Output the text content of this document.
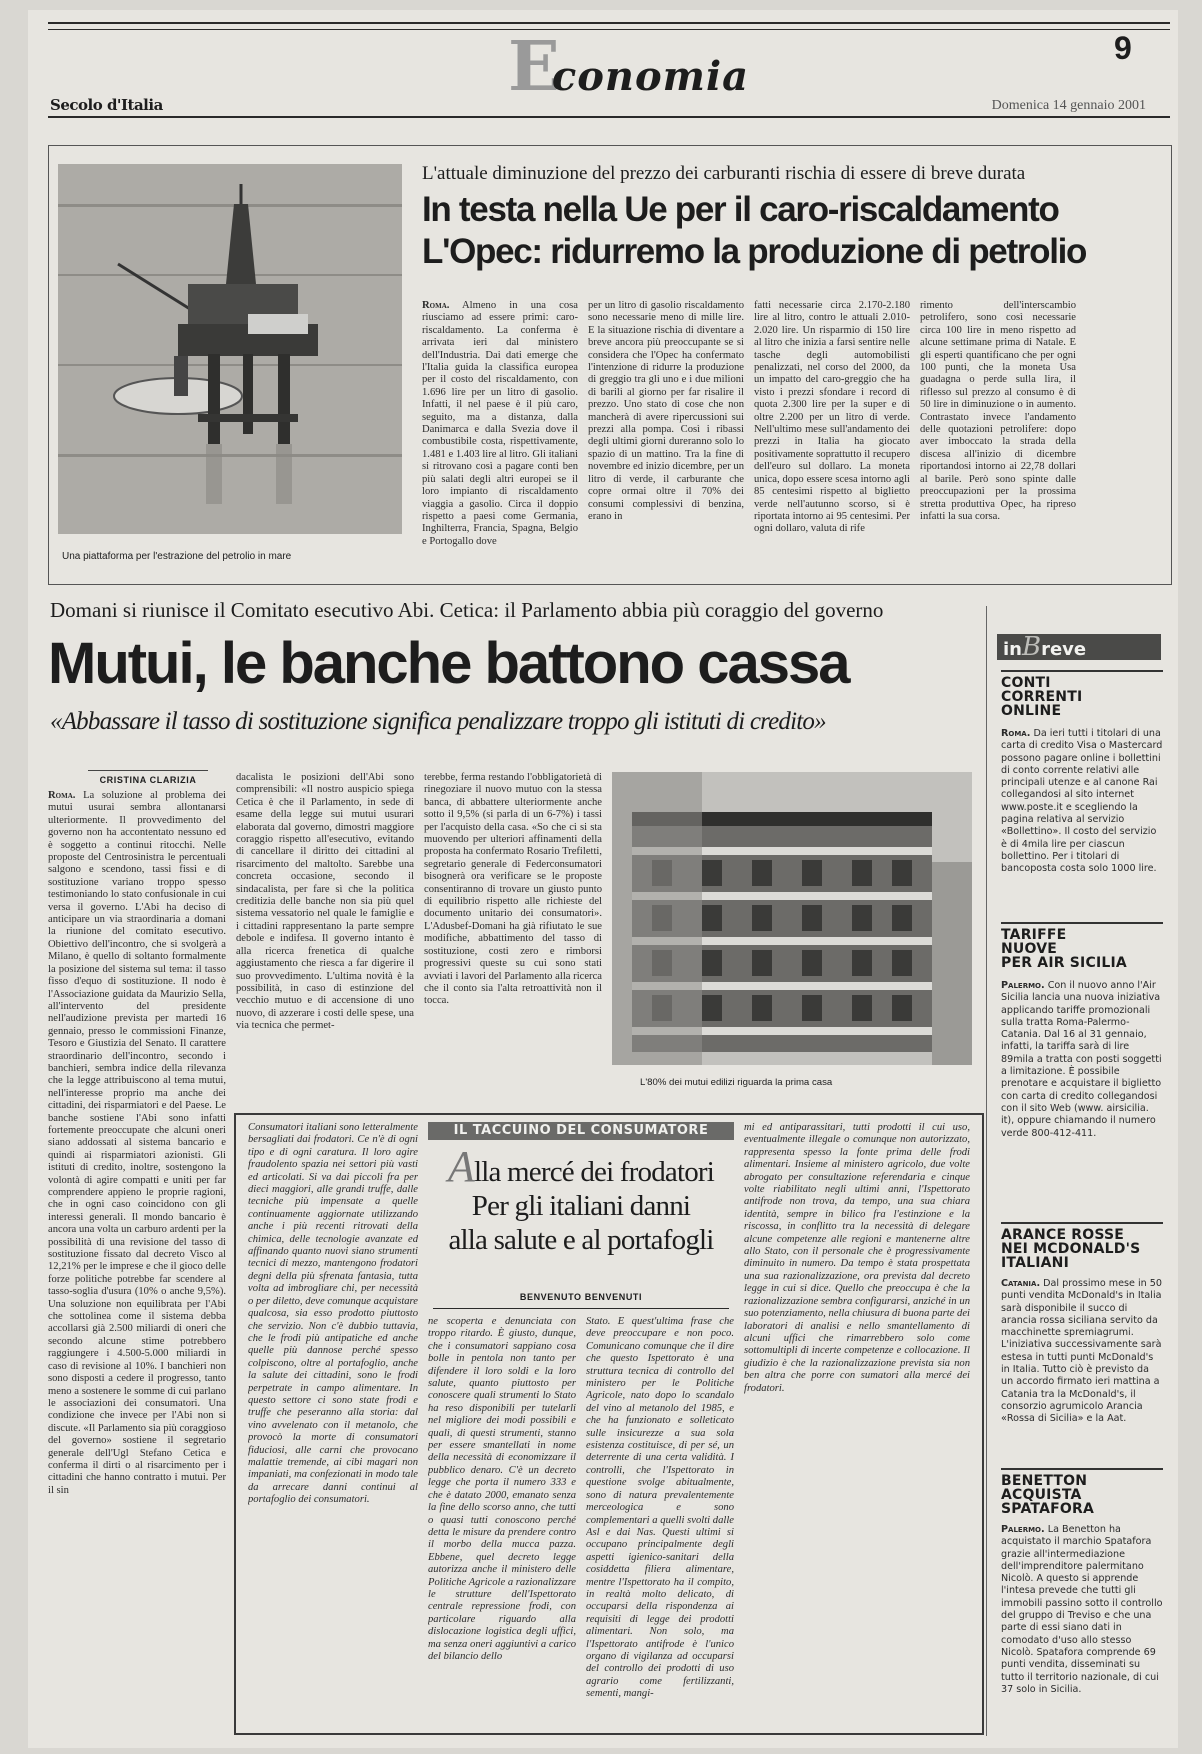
Economia
9
Secolo d'Italia	Domenica 14 gennaio 2001
Una piattaforma per l'estrazione del petrolio in mare
L'attuale diminuzione del prezzo dei carburanti rischia di essere di breve durata
In testa nella Ue per il caro-riscaldamento
L'Opec: ridurremo la produzione di petrolio
Roma. Almeno in una cosa riusciamo ad essere primi: caro-riscaldamento. La conferma è arrivata ieri dal ministero dell'Industria. Dai dati emerge che l'Italia guida la classifica europea per il costo del riscaldamento, con 1.696 lire per un litro di gasolio. Infatti, il nel paese è il più caro, seguito, ma a distanza, dalla Danimarca e dalla Svezia dove il combustibile costa, rispettivamente, 1.481 e 1.403 lire al litro. Gli italiani si ritrovano così a pagare conti ben più salati degli altri europei se il loro impianto di riscaldamento viaggia a gasolio. Circa il doppio rispetto a paesi come Germania, Inghilterra, Francia, Spagna, Belgio e Portogallo dove
per un litro di gasolio riscaldamento sono necessarie meno di mille lire. E la situazione rischia di diventare a breve ancora più preoccupante se si considera che l'Opec ha confermato l'intenzione di ridurre la produzione di greggio tra gli uno e i due milioni di barili al giorno per far risalire il prezzo. Uno stato di cose che non mancherà di avere ripercussioni sui prezzi alla pompa. Così i ribassi degli ultimi giorni dureranno solo lo spazio di un mattino. Tra la fine di novembre ed inizio dicembre, per un litro di verde, il carburante che copre ormai oltre il 70% dei consumi complessivi di benzina, erano in
fatti necessarie circa 2.170-2.180 lire al litro, contro le attuali 2.010-2.020 lire. Un risparmio di 150 lire al litro che inizia a farsi sentire nelle tasche degli automobilisti penalizzati, nel corso del 2000, da un impatto del caro-greggio che ha visto i prezzi sfondare i record di quota 2.300 lire per la super e di oltre 2.200 per un litro di verde. Nell'ultimo mese sull'andamento dei prezzi in Italia ha giocato positivamente soprattutto il recupero dell'euro sul dollaro. La moneta unica, dopo essere scesa intorno agli 85 centesimi rispetto al biglietto verde nell'autunno scorso, si è riportata intorno ai 95 centesimi. Per ogni dollaro, valuta di rife
rimento dell'interscambio petrolifero, sono così necessarie circa 100 lire in meno rispetto ad alcune settimane prima di Natale. E gli esperti quantificano che per ogni 100 punti, che la moneta Usa guadagna o perde sulla lira, il riflesso sul prezzo al consumo è di 50 lire in diminuzione o in aumento. Contrastato invece l'andamento delle quotazioni petrolifere: dopo aver imboccato la strada della discesa all'inizio di dicembre riportandosi intorno ai 22,78 dollari al barile. Però sono spinte dalle preoccupazioni per la prossima stretta produttiva Opec, ha ripreso infatti la sua corsa.
Domani si riunisce il Comitato esecutivo Abi. Cetica: il Parlamento abbia più coraggio del governo
Mutui, le banche battono cassa
«Abbassare il tasso di sostituzione significa penalizzare troppo gli istituti di credito»
CRISTINA CLARIZIA
Roma. La soluzione al problema dei mutui usurai sembra allontanarsi ulteriormente. Il provvedimento del governo non ha accontentato nessuno ed è soggetto a continui ritocchi. Nelle proposte del Centrosinistra le percentuali salgono e scendono, tassi fissi e di sostituzione variano troppo spesso testimoniando lo stato confusionale in cui versa il governo. L'Abi ha deciso di anticipare un via straordinaria a domani la riunione del comitato esecutivo. Obiettivo dell'incontro, che si svolgerà a Milano, è quello di soltanto formalmente la posizione del sistema sul tema: il tasso fisso d'equo di sostituzione. Il nodo è l'Associazione guidata da Maurizio Sella, all'intervento del presidente nell'audizione prevista per martedì 16 gennaio, presso le commissioni Finanze, Tesoro e Giustizia del Senato. Il carattere straordinario dell'incontro, secondo i banchieri, sembra indice della rilevanza che la legge attribuiscono al tema mutui, nell'interesse proprio ma anche dei cittadini, dei risparmiatori e del Paese. Le banche sostiene l'Abi sono infatti fortemente preoccupate che alcuni oneri siano addossati al sistema bancario e quindi ai risparmiatori azionisti. Gli istituti di credito, inoltre, sostengono la volontà di agire compatti e uniti per far comprendere appieno le proprie ragioni, che in ogni caso coincidono con gli interessi generali. Il mondo bancario è ancora una volta un carburo ardenti per la possibilità di una revisione del tasso di sostituzione fissato dal decreto Visco al 12,21% per le imprese e che il gioco delle forze politiche potrebbe far scendere al tasso-soglia d'usura (10% o anche 9,5%). Una soluzione non equilibrata per l'Abi che sottolinea come il sistema debba accollarsi già 2.500 miliardi di oneri che secondo alcune stime potrebbero raggiungere i 4.500-5.000 miliardi in caso di revisione al 10%. I banchieri non sono disposti a cedere il progresso, tanto meno a sostenere le somme di cui parlano le associazioni dei consumatori. Una condizione che invece per l'Abi non si discute. «Il Parlamento sia più coraggioso del governo» sostiene il segretario generale dell'Ugl Stefano Cetica e conferma il dirti o al risarcimento per i cittadini che hanno contratto i mutui. Per il sin
dacalista le posizioni dell'Abi sono comprensibili: «Il nostro auspicio spiega Cetica è che il Parlamento, in sede di esame della legge sui mutui usurari elaborata dal governo, dimostri maggiore coraggio rispetto all'esecutivo, evitando di cancellare il diritto dei cittadini al risarcimento del maltolto. Sarebbe una concreta occasione, secondo il sindacalista, per fare sì che la politica creditizia delle banche non sia più quel sistema vessatorio nel quale le famiglie e i cittadini rappresentano la parte sempre debole e indifesa. Il governo intanto è alla ricerca frenetica di qualche aggiustamento che riesca a far digerire il suo provvedimento. L'ultima novità è la possibilità, in caso di estinzione del vecchio mutuo e di accensione di uno nuovo, di azzerare i costi delle spese, una via tecnica che permet-
terebbe, ferma restando l'obbligatorietà di rinegoziare il nuovo mutuo con la stessa banca, di abbattere ulteriormente anche sotto il 9,5% (si parla di un 6-7%) i tassi per l'acquisto della casa. «So che ci si sta muovendo per ulteriori affinamenti della proposta ha confermato Rosario Trefiletti, segretario generale di Federconsumatori bisognerà ora verificare se le proposte consentiranno di trovare un giusto punto di equilibrio rispetto alle richieste del documento unitario dei consumatori». L'Adusbef-Domani ha già rifiutato le sue modifiche, abbattimento del tasso di sostituzione, costi zero e rimborsi progressivi queste su cui sono stati avviati i lavori del Parlamento alla ricerca che il conto sia l'alta retroattività non il tocca.
L'80% dei mutui edilizi riguarda la prima casa
Consumatori italiani sono letteralmente bersagliati dai frodatori. Ce n'è di ogni tipo e di ogni caratura. Il loro agire fraudolento spazia nei settori più vasti ed articolati. Si va dai piccoli fra per dieci maggiori, alle grandi truffe, dalle tecniche più impensate a quelle continuamente aggiornate utilizzando anche i più recenti ritrovati della chimica, delle tecnologie avanzate ed affinando quanto nuovi siano strumenti tecnici di mezzo, mantengono frodatori degni della più sfrenata fantasia, tutta volta ad imbrogliare chi, per necessità o per diletto, deve comunque acquistare qualcosa, sia esso prodotto piuttosto che servizio. Non c'è dubbio tuttavia, che le frodi più antipatiche ed anche quelle più dannose perché spesso colpiscono, oltre al portafoglio, anche la salute dei cittadini, sono le frodi perpetrate in campo alimentare. In questo settore ci sono state frodi e truffe che peseranno alla storia: dal vino avvelenato con il metanolo, che provocò la morte di consumatori fiduciosi, alle carni che provocano malattie tremende, ai cibi magari non impaniati, ma confezionati in modo tale da arrecare danni continui al portafoglio dei consumatori.
IL TACCUINO DEL CONSUMATORE
Alla mercé dei frodatori
Per gli italiani danni
alla salute e al portafogli
BENVENUTO BENVENUTI
ne scoperta e denunciata con troppo ritardo. È giusto, dunque, che i consumatori sappiano cosa bolle in pentola non tanto per difendere il loro soldi e la loro salute, quanto piuttosto per conoscere quali strumenti lo Stato ha reso disponibili per tutelarli nel migliore dei modi possibili e quali, di questi strumenti, stanno per essere smantellati in nome della necessità di economizzare il pubblico denaro. C'è un decreto legge che porta il numero 333 e che è datato 2000, emanato senza la fine dello scorso anno, che tutti o quasi tutti conoscono perché detta le misure da prendere contro il morbo della mucca pazza. Ebbene, quel decreto legge autorizza anche il ministero delle Politiche Agricole a razionalizzare le strutture dell'Ispettorato centrale repressione frodi, con particolare riguardo alla dislocazione logistica degli uffici, ma senza oneri aggiuntivi a carico del bilancio dello
Stato. E quest'ultima frase che deve preoccupare e non poco. Comunicano comunque che il dire che questo Ispettorato è una struttura tecnica di controllo del ministero per le Politiche Agricole, nato dopo lo scandalo del vino al metanolo del 1985, e che ha funzionato e solleticato sulle insicurezze a sua sola esistenza costituisce, di per sé, un deterrente di una certa validità. I controlli, che l'Ispettorato in questione svolge abitualmente, sono di natura prevalentemente merceologica e sono complementari a quelli svolti dalle Asl e dai Nas. Questi ultimi si occupano principalmente degli aspetti igienico-sanitari della cosiddetta filiera alimentare, mentre l'Ispettorato ha il compito, in realtà molto delicato, di occuparsi della rispondenza ai requisiti di legge dei prodotti alimentari. Non solo, ma l'Ispettorato antifrode è l'unico organo di vigilanza ad occuparsi del controllo dei prodotti di uso agrario come fertilizzanti, sementi, mangi-
mi ed antiparassitari, tutti prodotti il cui uso, eventualmente illegale o comunque non autorizzato, rappresenta spesso la fonte prima delle frodi alimentari. Insieme al ministero agricolo, due volte abrogato per consultazione referendaria e cinque volte riabilitato negli ultimi anni, l'Ispettorato antifrode non trova, da tempo, una sua chiara identità, sempre in bilico fra l'estinzione e la riscossa, in conflitto tra la necessità di delegare alcune competenze alle regioni e mantenerne altre allo Stato, con il personale che è progressivamente diminuito in numero. Da tempo è stata prospettata una sua razionalizzazione, ora prevista dal decreto legge in cui si dice. Quello che preoccupa è che la razionalizzazione sembra configurarsi, anziché in un suo potenziamento, nella chiusura di buona parte dei laboratori di analisi e nello smantellamento di alcuni uffici che rimarrebbero solo come sottomultipli di incerte competenze e collocazione. Il giudizio è che la razionalizzazione prevista sia non ben altra che porre con sumatori alla mercé dei frodatori.
inBreve
CONTI
CORRENTI
ONLINE

Roma. Da ieri tutti i titolari di una carta di credito Visa o Mastercard possono pagare online i bollettini di conto corrente relativi alle principali utenze e al canone Rai collegandosi al sito internet www.poste.it e scegliendo la pagina relativa al servizio «Bollettino». Il costo del servizio è di 4mila lire per ciascun bollettino. Per i titolari di bancoposta costa solo 1000 lire.

TARIFFE
NUOVE
PER AIR SICILIA

Palermo. Con il nuovo anno l'Air Sicilia lancia una nuova iniziativa applicando tariffe promozionali sulla tratta Roma-Palermo-Catania. Dal 16 al 31 gennaio, infatti, la tariffa sarà di lire 89mila a tratta con posti soggetti a limitazione. È possibile prenotare e acquistare il biglietto con carta di credito collegandosi con il sito Web (www. airsicilia. it), oppure chiamando il numero verde 800-412-411.

ARANCE ROSSE
NEI MCDONALD'S
ITALIANI

Catania. Dal prossimo mese in 50 punti vendita McDonald's in Italia sarà disponibile il succo di arancia rossa siciliana servito da macchinette spremiagrumi. L'iniziativa successivamente sarà estesa in tutti punti McDonald's in Italia. Tutto ciò è previsto da un accordo firmato ieri mattina a Catania tra la McDonald's, il consorzio agrumicolo Arancia «Rossa di Sicilia» e la Aat.

BENETTON
ACQUISTA
SPATAFORA

Palermo. La Benetton ha acquistato il marchio Spatafora grazie all'intermediazione dell'imprenditore palermitano Nicolò. A questo si apprende l'intesa prevede che tutti gli immobili passino sotto il controllo del gruppo di Treviso e che una parte di essi siano dati in comodato d'uso allo stesso Nicolò. Spatafora comprende 69 punti vendita, disseminati su tutto il territorio nazionale, di cui 37 solo in Sicilia.
